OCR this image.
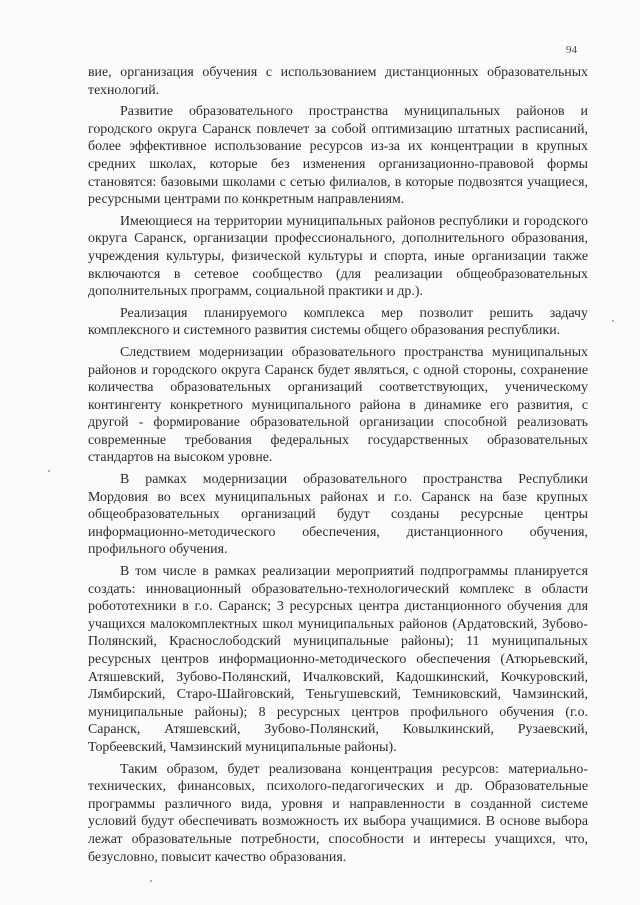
94

вие, организация обучения с использованием дистанционных образовательных технологий.

Развитие образовательного пространства муниципальных районов и городского округа Саранск повлечет за собой оптимизацию штатных расписаний, более эффективное использование ресурсов из-за их концентрации в крупных средних школах, которые без изменения организационно-правовой формы становятся: базовыми школами с сетью филиалов, в которые подвозятся учащиеся, ресурсными центрами по конкретным направлениям.

Имеющиеся на территории муниципальных районов республики и городского округа Саранск, организации профессионального, дополнительного образования, учреждения культуры, физической культуры и спорта, иные организации также включаются в сетевое сообщество (для реализации общеобразовательных дополнительных программ, социальной практики и др.).

Реализация планируемого комплекса мер позволит решить задачу комплексного и системного развития системы общего образования республики.

Следствием модернизации образовательного пространства муниципальных районов и городского округа Саранск будет являться, с одной стороны, сохранение количества образовательных организаций соответствующих, ученическому контингенту конкретного муниципального района в динамике его развития, с другой - формирование образовательной организации способной реализовать современные требования федеральных государственных образовательных стандартов на высоком уровне.

В рамках модернизации образовательного пространства Республики Мордовия во всех муниципальных районах и г.о. Саранск на базе крупных общеобразовательных организаций будут созданы ресурсные центры информационно-методического обеспечения, дистанционного обучения, профильного обучения.

В том числе в рамках реализации мероприятий подпрограммы планируется создать: инновационный образовательно-технологический комплекс в области робототехники в г.о. Саранск; 3 ресурсных центра дистанционного обучения для учащихся малокомплектных школ муниципальных районов (Ардатовский, Зубово-Полянский, Краснослободский муниципальные районы); 11 муниципальных ресурсных центров информационно-методического обеспечения (Атюрьевский, Атяшевский, Зубово-Полянский, Ичалковский, Кадошкинский, Кочкуровский, Лямбирский, Старо-Шайговский, Теньгушевский, Темниковский, Чамзинский, муниципальные районы); 8 ресурсных центров профильного обучения (г.о. Саранск, Атяшевский, Зубово-Полянский, Ковылкинский, Рузаевский, Торбеевский, Чамзинский муниципальные районы).

Таким образом, будет реализована концентрация ресурсов: материально-технических, финансовых, психолого-педагогических и др. Образовательные программы различного вида, уровня и направленности в созданной системе условий будут обеспечивать возможность их выбора учащимися. В основе выбора лежат образовательные потребности, способности и интересы учащихся, что, безусловно, повысит качество образования.
